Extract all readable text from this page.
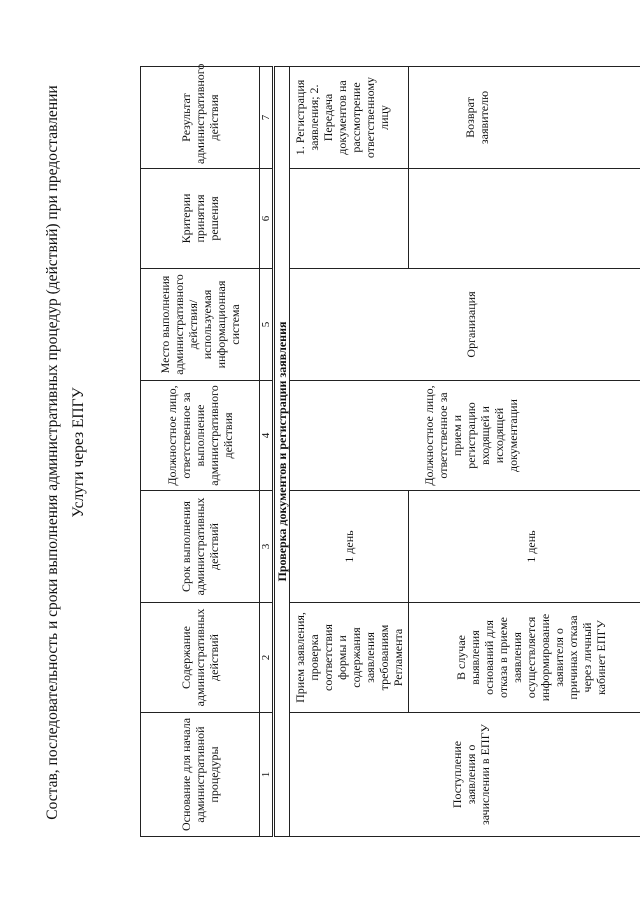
Состав, последовательность и сроки выполнения административных процедур (действий) при предоставлении Услуги через ЕПГУ
Основание для начала административной процедуры	Содержание административных действий	Срок выполнения административных действий	Должностное лицо, ответственное за выполнение административного действия	Место выполнения административного действия/используемая информационная система	Критерии принятия решения	Результат административного действия
1	2	3	4	5	6	7
Проверка документов и регистрации заявления						
Поступление заявления о зачислении в ЕПГУ	Прием заявления, проверка соответствия формы и содержания заявления требованиям Регламента	1 день	Должностное лицо, ответственное за прием и регистрацию входящей и исходящей документации	Организация		1. Регистрация заявления; 2. Передача документов на рассмотрение ответственному лицу
	В случае выявления оснований для отказа в приеме заявления осуществляется информирование заявителя о причинах отказа через личный кабинет ЕПГУ	1 день				Возврат заявителю
